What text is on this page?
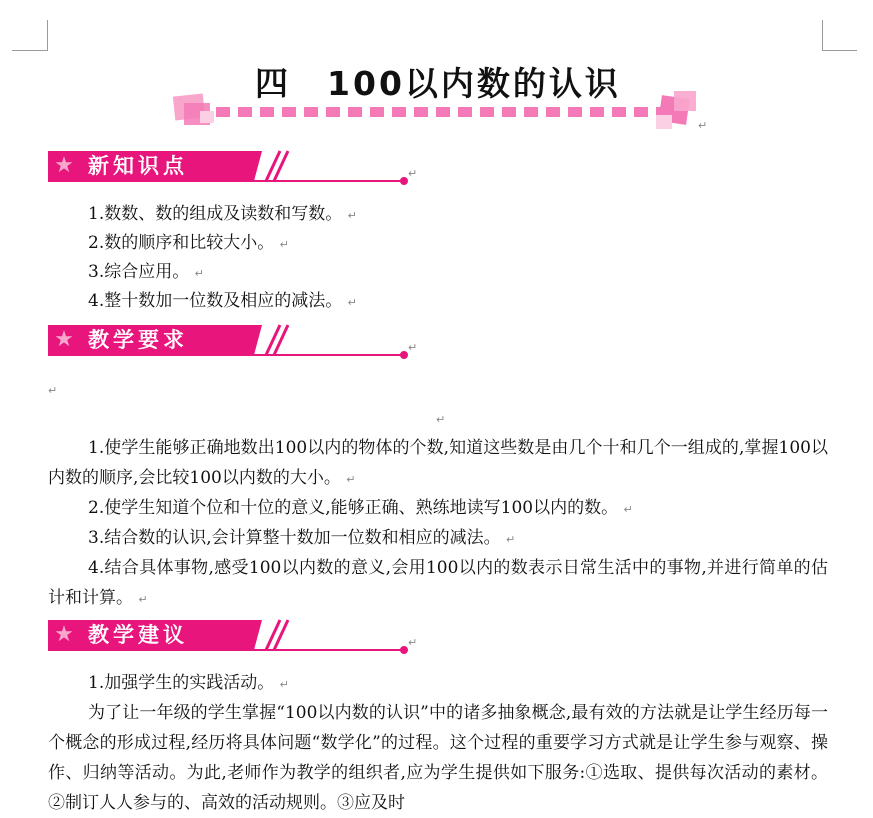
四　100以内数的认识
↵
★ 新知识点	↵
1.数数、数的组成及读数和写数。 ↵
2.数的顺序和比较大小。 ↵
3.综合应用。 ↵
4.整十数加一位数及相应的减法。 ↵
★ 教学要求	↵
↵
↵
1.使学生能够正确地数出100以内的物体的个数,知道这些数是由几个十和几个一组成的,掌握100以内数的顺序,会比较100以内数的大小。 ↵
2.使学生知道个位和十位的意义,能够正确、熟练地读写100以内的数。 ↵
3.结合数的认识,会计算整十数加一位数和相应的减法。 ↵
4.结合具体事物,感受100以内数的意义,会用100以内的数表示日常生活中的事物,并进行简单的估计和计算。 ↵
★ 教学建议	↵
1.加强学生的实践活动。 ↵
为了让一年级的学生掌握“100以内数的认识”中的诸多抽象概念,最有效的方法就是让学生经历每一个概念的形成过程,经历将具体问题“数学化”的过程。这个过程的重要学习方式就是让学生参与观察、操作、归纳等活动。为此,老师作为教学的组织者,应为学生提供如下服务:①选取、提供每次活动的素材。②制订人人参与的、高效的活动规则。③应及时
